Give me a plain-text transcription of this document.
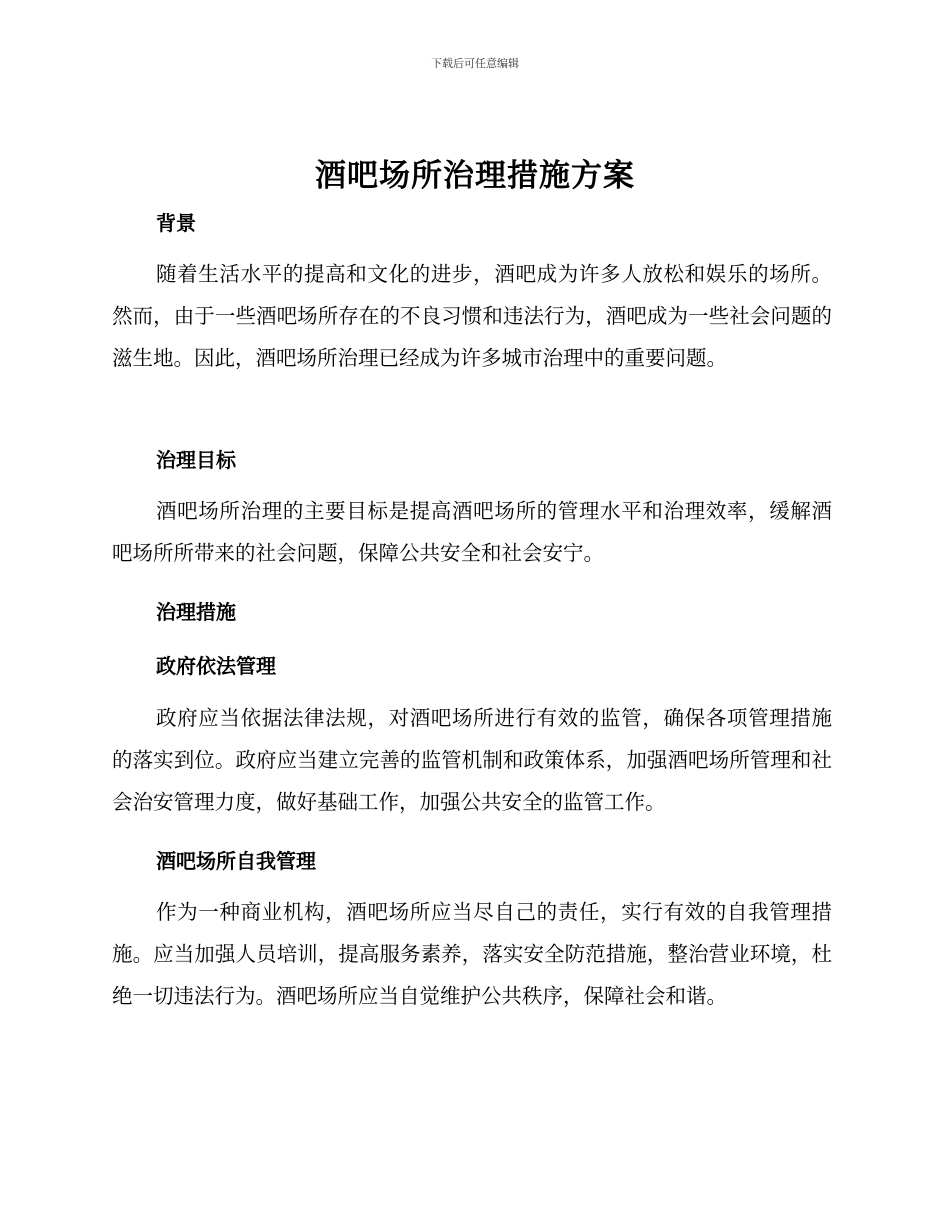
下载后可任意编辑
酒吧场所治理措施方案
背景

随着生活水平的提高和文化的进步，酒吧成为许多人放松和娱乐的场所。然而，由于一些酒吧场所存在的不良习惯和违法行为，酒吧成为一些社会问题的滋生地。因此，酒吧场所治理已经成为许多城市治理中的重要问题。

治理目标

酒吧场所治理的主要目标是提高酒吧场所的管理水平和治理效率，缓解酒吧场所所带来的社会问题，保障公共安全和社会安宁。

治理措施
政府依法管理

政府应当依据法律法规，对酒吧场所进行有效的监管，确保各项管理措施的落实到位。政府应当建立完善的监管机制和政策体系，加强酒吧场所管理和社会治安管理力度，做好基础工作，加强公共安全的监管工作。

酒吧场所自我管理

作为一种商业机构，酒吧场所应当尽自己的责任，实行有效的自我管理措施。应当加强人员培训，提高服务素养，落实安全防范措施，整治营业环境，杜绝一切违法行为。酒吧场所应当自觉维护公共秩序，保障社会和谐。
